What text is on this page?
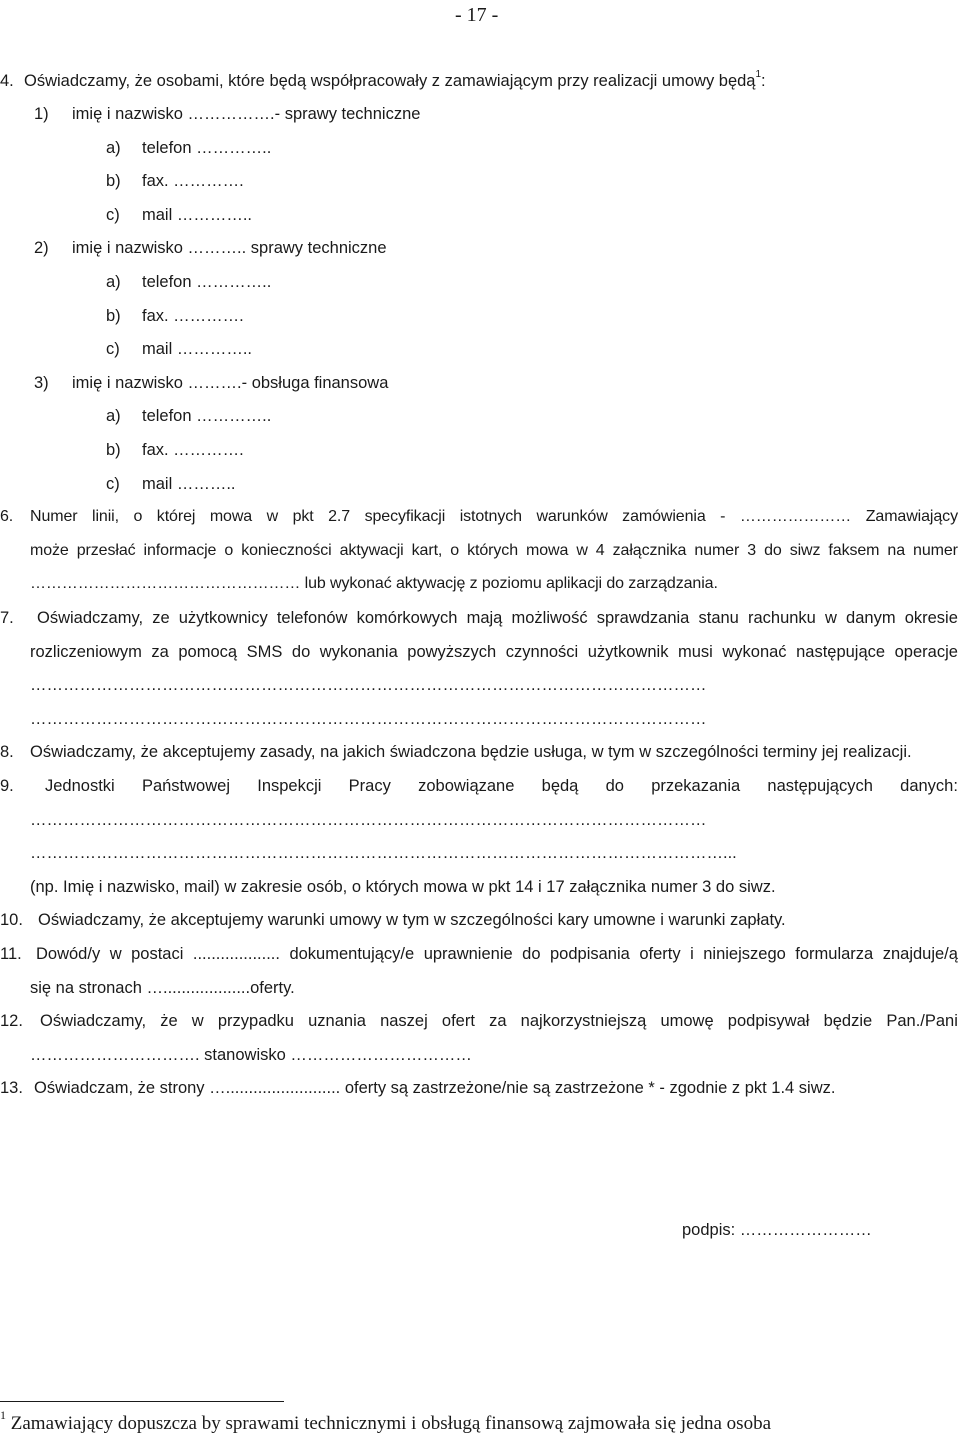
- 17 -
4. Oświadczamy, że osobami, które będą współpracowały z zamawiającym przy realizacji umowy będą$^1$:
1) imię i nazwisko …………….- sprawy techniczne
a) telefon …………..
b) fax. ………….
c) mail …………..
2) imię i nazwisko ……….. sprawy techniczne
a) telefon …………..
b) fax. ………….
c) mail …………..
3) imię i nazwisko ……….- obsługa finansowa
a) telefon …………..
b) fax. ………….
c) mail ………..
6. Numer linii, o której mowa w pkt 2.7 specyfikacji istotnych warunków zamówienia - ………………… Zamawiający
może przesłać informacje o konieczności aktywacji kart, o których mowa w 4 załącznika numer 3 do siwz faksem na numer
…………………………………………… lub wykonać aktywację z poziomu aplikacji do zarządzania.
7. Oświadczamy, ze użytkownicy telefonów komórkowych mają możliwość sprawdzania stanu rachunku w danym okresie
rozliczeniowym za pomocą SMS do wykonania powyższych czynności użytkownik musi wykonać następujące operacje
……………………………………………………………………………………………………………
……………………………………………………………………………………………………………
8. Oświadczamy, że akceptujemy zasady, na jakich świadczona będzie usługa, w tym w szczególności terminy jej realizacji.
9. Jednostki Państwowej Inspekcji Pracy zobowiązane będą do przekazania następujących danych:
……………………………………………………………………………………………………………
………………………………………………………………………………………………………………...
(np. Imię i nazwisko, mail) w zakresie osób, o których mowa w pkt 14 i 17 załącznika numer 3 do siwz.
10. Oświadczamy, że akceptujemy warunki umowy w tym w szczególności kary umowne i warunki zapłaty.
11. Dowód/y w postaci ................... dokumentujący/e uprawnienie do podpisania oferty i niniejszego formularza znajduje/ą
się na stronach …...................oferty.
12. Oświadczamy, że w przypadku uznania naszej ofert za najkorzystniejszą umowę podpisywał będzie Pan./Pani
…………………………. stanowisko ……………………………
13. Oświadczam, że strony …......................... oferty są zastrzeżone/nie są zastrzeżone * - zgodnie z pkt 1.4 siwz.
podpis: ……………………
$^1$ Zamawiający dopuszcza by sprawami technicznymi i obsługą finansową zajmowała się jedna osoba
